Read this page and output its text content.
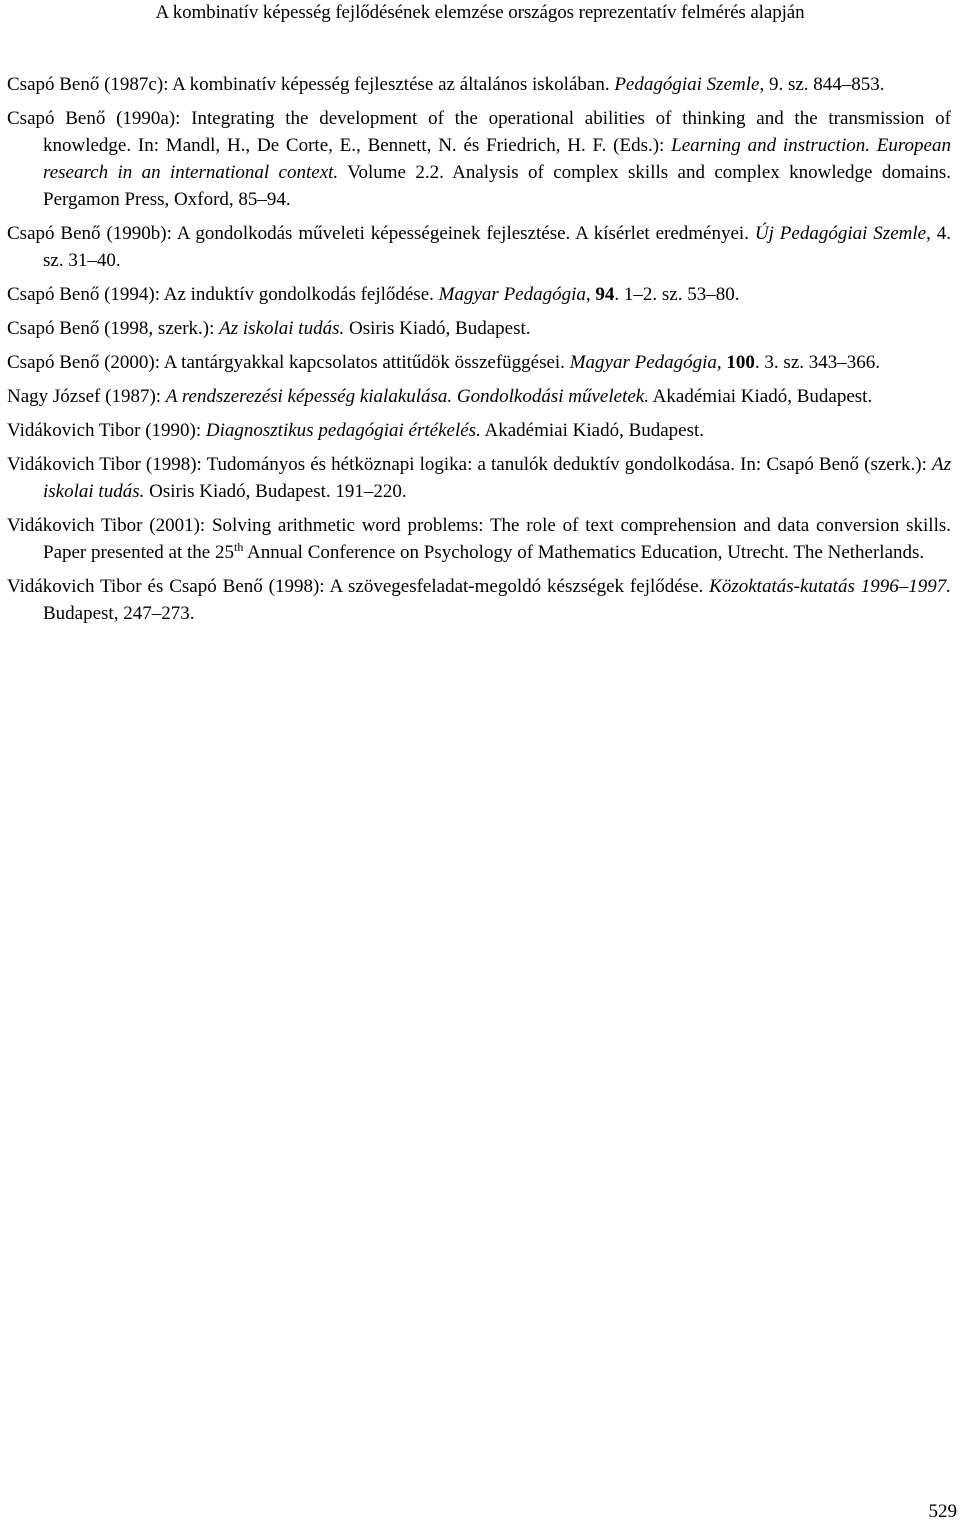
A kombinatív képesség fejlődésének elemzése országos reprezentatív felmérés alapján

Csapó Benő (1987c): A kombinatív képesség fejlesztése az általános iskolában. Pedagógiai Szemle, 9. sz. 844–853.

Csapó Benő (1990a): Integrating the development of the operational abilities of thinking and the transmission of knowledge. In: Mandl, H., De Corte, E., Bennett, N. és Friedrich, H. F. (Eds.): Learning and instruction. European research in an international context. Volume 2.2. Analysis of complex skills and complex knowledge domains. Pergamon Press, Oxford, 85–94.

Csapó Benő (1990b): A gondolkodás műveleti képességeinek fejlesztése. A kísérlet eredményei. Új Pedagógiai Szemle, 4. sz. 31–40.

Csapó Benő (1994): Az induktív gondolkodás fejlődése. Magyar Pedagógia, 94. 1–2. sz. 53–80.

Csapó Benő (1998, szerk.): Az iskolai tudás. Osiris Kiadó, Budapest.

Csapó Benő (2000): A tantárgyakkal kapcsolatos attitűdök összefüggései. Magyar Pedagógia, 100. 3. sz. 343–366.

Nagy József (1987): A rendszerezési képesség kialakulása. Gondolkodási műveletek. Akadémiai Kiadó, Budapest.

Vidákovich Tibor (1990): Diagnosztikus pedagógiai értékelés. Akadémiai Kiadó, Budapest.

Vidákovich Tibor (1998): Tudományos és hétköznapi logika: a tanulók deduktív gondolkodása. In: Csapó Benő (szerk.): Az iskolai tudás. Osiris Kiadó, Budapest. 191–220.

Vidákovich Tibor (2001): Solving arithmetic word problems: The role of text comprehension and data conversion skills. Paper presented at the 25th Annual Conference on Psychology of Mathematics Education, Utrecht. The Netherlands.

Vidákovich Tibor és Csapó Benő (1998): A szövegesfeladat-megoldó készségek fejlődése. Közoktatás-kutatás 1996–1997. Budapest, 247–273.

529
